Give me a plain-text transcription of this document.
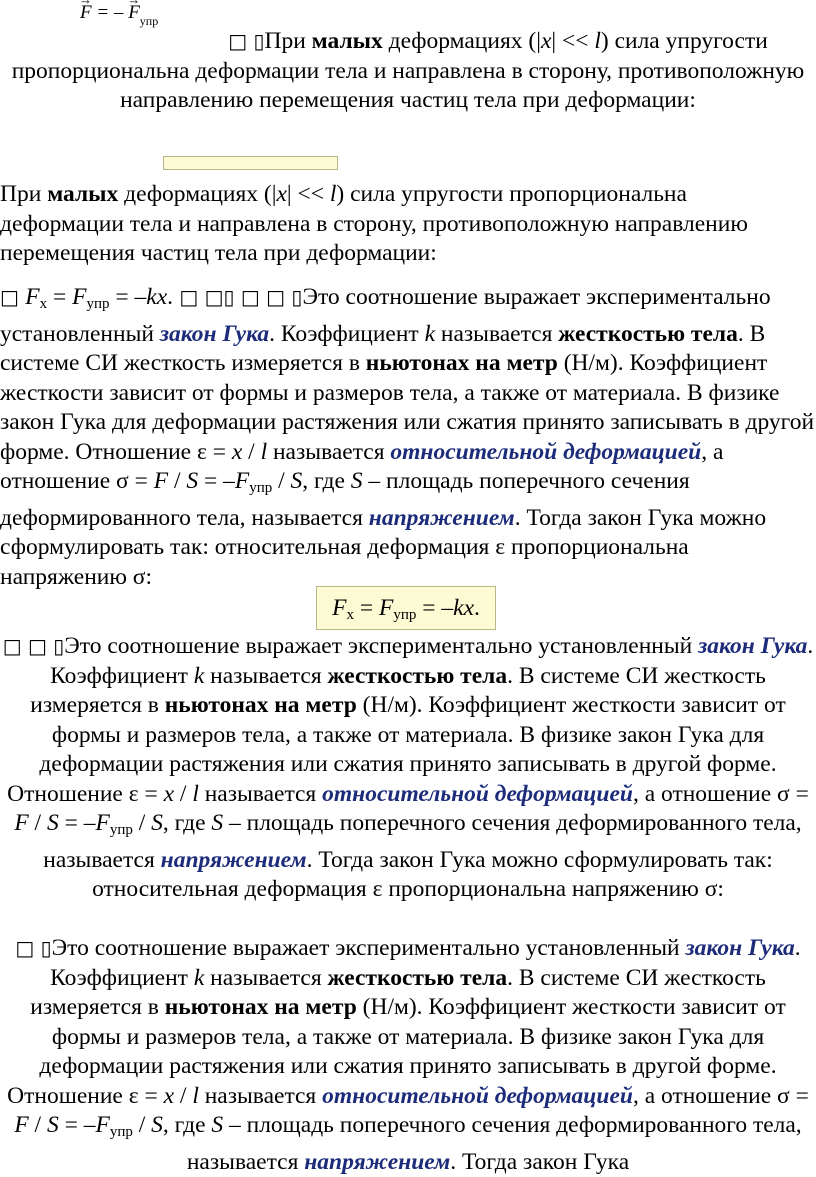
→ F = – → $F_{упр}$
□ ▯При малых деформациях (|x| << l) сила упругости пропорциональна деформации тела и направлена в сторону, противоположную направлению перемещения частиц тела при деформации:
При малых деформациях (|x| << l) сила упругости пропорциональна деформации тела и направлена в сторону, противоположную направлению перемещения частиц тела при деформации:
□ Fx = Fупр = –kx. □ □▯ □ □ ▯Это соотношение выражает экспериментально установленный закон Гука. Коэффициент k называется жесткостью тела. В системе СИ жесткость измеряется в ньютонах на метр (Н/м). Коэффициент жесткости зависит от формы и размеров тела, а также от материала. В физике закон Гука для деформации растяжения или сжатия принято записывать в другой форме. Отношение ε = x / l называется относительной деформацией, а отношение σ = F / S = –Fупр / S, где S – площадь поперечного сечения деформированного тела, называется напряжением. Тогда закон Гука можно сформулировать так: относительная деформация ε пропорциональна напряжению σ:
Fx = Fупр = –kx.
□ □ ▯Это соотношение выражает экспериментально установленный закон Гука. Коэффициент k называется жесткостью тела. В системе СИ жесткость измеряется в ньютонах на метр (Н/м). Коэффициент жесткости зависит от формы и размеров тела, а также от материала. В физике закон Гука для деформации растяжения или сжатия принято записывать в другой форме. Отношение ε = x / l называется относительной деформацией, а отношение σ = F / S = –Fупр / S, где S – площадь поперечного сечения деформированного тела, называется напряжением. Тогда закон Гука можно сформулировать так: относительная деформация ε пропорциональна напряжению σ:
□ ▯Это соотношение выражает экспериментально установленный закон Гука. Коэффициент k называется жесткостью тела. В системе СИ жесткость измеряется в ньютонах на метр (Н/м). Коэффициент жесткости зависит от формы и размеров тела, а также от материала. В физике закон Гука для деформации растяжения или сжатия принято записывать в другой форме. Отношение ε = x / l называется относительной деформацией, а отношение σ = F / S = –Fупр / S, где S – площадь поперечного сечения деформированного тела, называется напряжением. Тогда закон Гука
